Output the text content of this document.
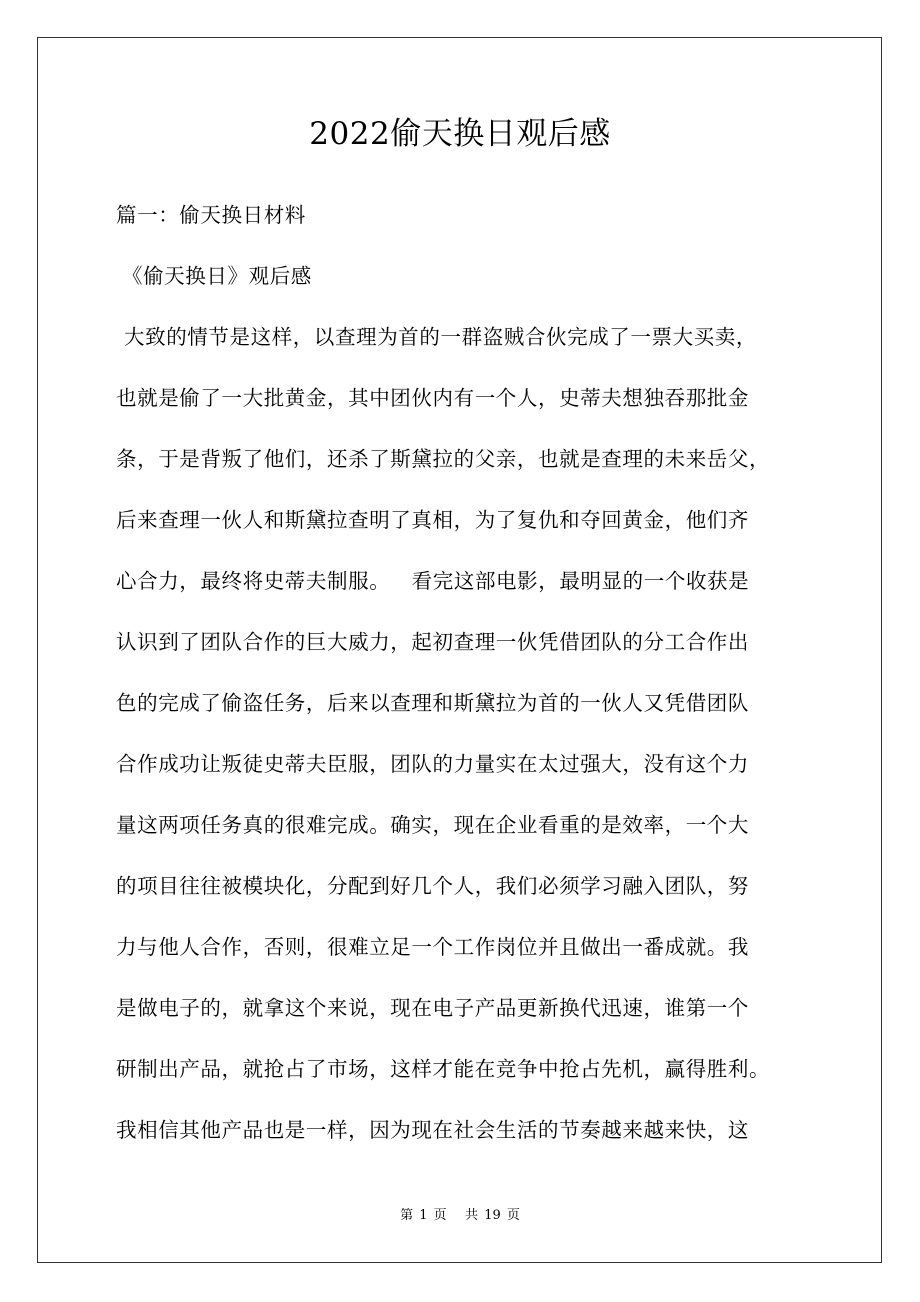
2022偷天换日观后感
篇一：偷天换日材料
《偷天换日》观后感
大致的情节是这样，以查理为首的一群盗贼合伙完成了一票大买卖，
也就是偷了一大批黄金，其中团伙内有一个人，史蒂夫想独吞那批金
条，于是背叛了他们，还杀了斯黛拉的父亲，也就是查理的未来岳父，
后来查理一伙人和斯黛拉查明了真相，为了复仇和夺回黄金，他们齐
心合力，最终将史蒂夫制服。   看完这部电影，最明显的一个收获是
认识到了团队合作的巨大威力，起初查理一伙凭借团队的分工合作出
色的完成了偷盗任务，后来以查理和斯黛拉为首的一伙人又凭借团队
合作成功让叛徒史蒂夫臣服，团队的力量实在太过强大，没有这个力
量这两项任务真的很难完成。确实，现在企业看重的是效率，一个大
的项目往往被模块化，分配到好几个人，我们必须学习融入团队，努
力与他人合作，否则，很难立足一个工作岗位并且做出一番成就。我
是做电子的，就拿这个来说，现在电子产品更新换代迅速，谁第一个
研制出产品，就抢占了市场，这样才能在竞争中抢占先机，赢得胜利。
我相信其他产品也是一样，因为现在社会生活的节奏越来越来快，这
第 1 页   共 19 页
